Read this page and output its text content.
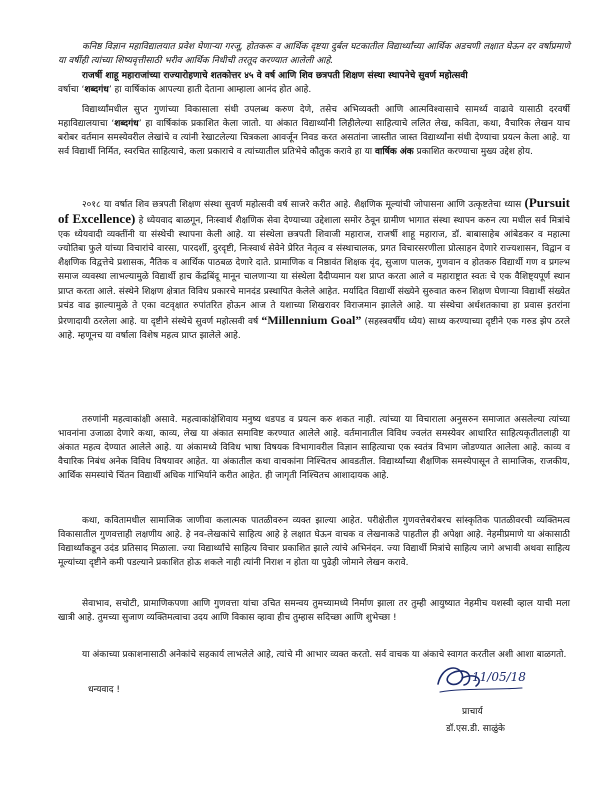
कनिष्ठ विज्ञान महाविद्यालयात प्रवेश घेणाऱ्या गरजू, होतकरू व आर्थिक दृष्टया दुर्बल घटकातील विद्यार्थ्यांच्या आर्थिक अडचणी लक्षात घेऊन दर वर्षाप्रमाणे या वर्षीही त्यांच्या शिष्यवृत्तीसाठी भरीव आर्थिक निधीची तरतूद करण्यात आलेली आहे.

राजर्षी शाहू महाराजांच्या राज्यारोहणाचे शतकोत्तर ४५ वे वर्ष आणि शिव छत्रपती शिक्षण संस्था स्थापनेचे सुवर्ण महोत्सवी

वर्षाचा ‘शब्दगंध’ हा वार्षिकांक आपल्या हाती देताना आम्हाला आनंद होत आहे.

विद्यार्थ्यांमधील सुप्त गुणांच्या विकासाला संधी उपलब्ध करुण देणे, तसेच अभिव्यक्ती आणि आत्मविश्वासाचे सामर्थ्य वाढावे यासाठी दरवर्षी महाविद्यालयाचा ‘शब्दगंध’ हा वार्षिकांक प्रकाशित केला जातो. या अंकात विद्यार्थ्यांनी लिहीलेल्या साहित्याचे ललित लेख, कविता, कथा, वैचारिक लेखन याच बरोबर वर्तमान समस्येवरील लेखांचे व त्यांनी रेखाटलेल्या चित्रकला आवर्जून निवड करत असतांना जास्तीत जास्त विद्यार्थ्यांना संधी देण्याचा प्रयत्न केला आहे. या सर्व विद्यार्थी निर्मित, स्वरचित साहित्याचे, कला प्रकाराचे व त्यांच्यातील प्रतिभेचे कौतुक करावे हा या वार्षिक अंक प्रकाशित करण्याचा मुख्य उद्देश होय.

२०१८ या वर्षात शिव छत्रपती शिक्षण संस्था सुवर्ण महोत्सवी वर्ष साजरे करीत आहे. शैक्षणिक मूल्यांची जोपासना आणि उत्कृष्टतेचा ध्यास (Pursuit of Excellence) हे ध्येयवाद बाळगून, निःस्वार्थ शैक्षणिक सेवा देण्याच्या उद्देशाला समोर ठेवून ग्रामीण भागात संस्था स्थापन करुन त्या मधील सर्व मित्रांचे एक ध्येयवादी व्यक्तींनी या संस्थेची स्थापना केली आहे. या संस्थेला छत्रपती शिवाजी महाराज, राजर्षी शाहू महाराज, डॉ. बाबासाहेब आंबेडकर व महात्मा ज्योतिबा फुले यांच्या विचारांचे वारसा, पारदर्शी, दुरदृष्टी, निःस्वार्थ सेवेने प्रेरित नेतृत्व व संस्थाचालक, प्रगत विचारसरणीला प्रोत्साहन देणारे राज्यशासन, विद्वान व शैक्षणिक विद्वत्तेचे प्रशासक, नैतिक व आर्थिक पाठबळ देणारे दाते. प्रामाणिक व निष्ठावंत शिक्षक वृंद, सुजाण पालक, गुणवान व होतकरु विद्यार्थी गण व प्रगल्भ समाज व्यवस्था लाभल्यामुळे विद्यार्थी हाच केंद्रबिंदू मानून चालणाऱ्या या संस्थेला दैदीप्यमान यश प्राप्त करता आले व महाराष्ट्रात स्वतः चे एक वैशिष्ट्यपूर्ण स्थान प्राप्त करता आले. संस्थेने शिक्षण क्षेत्रात विविध प्रकारचे मानदंड प्रस्थापित केलेले आहेत. मर्यादित विद्यार्थी संख्येने सुरुवात करुन शिक्षण घेणाऱ्या विद्यार्थी संख्येत प्रचंड वाढ झाल्यामुळे ते एका वटवृक्षात रुपांतरित होऊन आज ते यशाच्या शिखरावर विराजमान झालेले आहे. या संस्थेचा अर्धशतकाचा हा प्रवास इतरांना प्रेरणादायी ठरलेला आहे. या दृष्टीने संस्थेचे सुवर्ण महोत्सवी वर्ष “Millennium Goal” (सहस्त्रवर्षीय ध्येय) साध्य करण्याच्या दृष्टीने एक गरुड झेप ठरले आहे. म्हणूनच या वर्षाला विशेष महत्व प्राप्त झालेले आहे.

तरुणांनी महत्वाकांक्षी असावे. महत्वाकांक्षेशिवाय मनुष्य धडपड व प्रयत्न करु शकत नाही. त्यांच्या या विचाराला अनुसरुन समाजात असलेल्या त्यांच्या भावनांना उजाळा देणारे कथा, काव्य, लेख या अंकात समाविष्ट करण्यात आलेले आहे. वर्तमानातील विविध ज्वलंत समस्येवर आधारित साहित्यकृतीतलाही या अंकात महत्व देण्यात आलेले आहे. या अंकामध्ये विविध भाषा विषयक विभागावरील विज्ञान साहित्याचा एक स्वतंत्र विभाग जोडण्यात आलेला आहे. काव्य व वैचारिक निबंध अनेक विविध विषयावर आहेत. या अंकातील कथा वाचकांना निश्चितच आवडतील. विद्यार्थ्यांच्या शैक्षणिक समस्येपासून ते सामाजिक, राजकीय, आर्थिक समस्यांचे चिंतन विद्यार्थी अधिक गांभिर्याने करीत आहेत. ही जागृती निश्चितच आशादायक आहे.

कथा, कवितामधील सामाजिक जाणीवा कलात्मक पातळीवरुन व्यक्त झाल्या आहेत. परीक्षेतील गुणवत्तेबरोबरच सांस्कृतिक पातळीवरची व्यक्तिमत्व विकासातील गुणवत्ताही लक्षणीय आहे. हे नव-लेखकांचे साहित्य आहे हे लक्षात घेऊन वाचक व लेखनाकडे पाहतील ही अपेक्षा आहे. नेहमीप्रमाणे या अंकासाठी विद्यार्थ्यांकडून उदंड प्रतिसाद मिळाला. ज्या विद्यार्थ्यांचे साहित्य विचार प्रकाशित झाले त्यांचे अभिनंदन. ज्या विद्यार्थी मित्रांचे साहित्य जागे अभावी अथवा साहित्य मूल्यांच्या दृष्टीने कमी पडल्याने प्रकाशित होऊ शकले नाही त्यांनी निराश न होता या पुढेही जोमाने लेखन करावे.

सेवाभाव, सचोटी, प्रामाणिकपणा आणि गुणवत्ता यांचा उचित समन्वय तुमच्यामध्ये निर्माण झाला तर तुम्ही आयुष्यात नेहमीच यशस्वी व्हाल याची मला खात्री आहे. तुमच्या सुजाण व्यक्तिमत्वाचा उदय आणि विकास व्हावा हीच तुम्हास सदिच्छा आणि शुभेच्छा !

या अंकाच्या प्रकाशनासाठी अनेकांचे सहकार्य लाभलेले आहे, त्यांचे मी आभार व्यक्त करतो. सर्व वाचक या अंकाचे स्वागत करतील अशी आशा बाळगतो.

धन्यवाद !

11/05/18

प्राचार्य

डॉ.एस.डी. साळुंके
